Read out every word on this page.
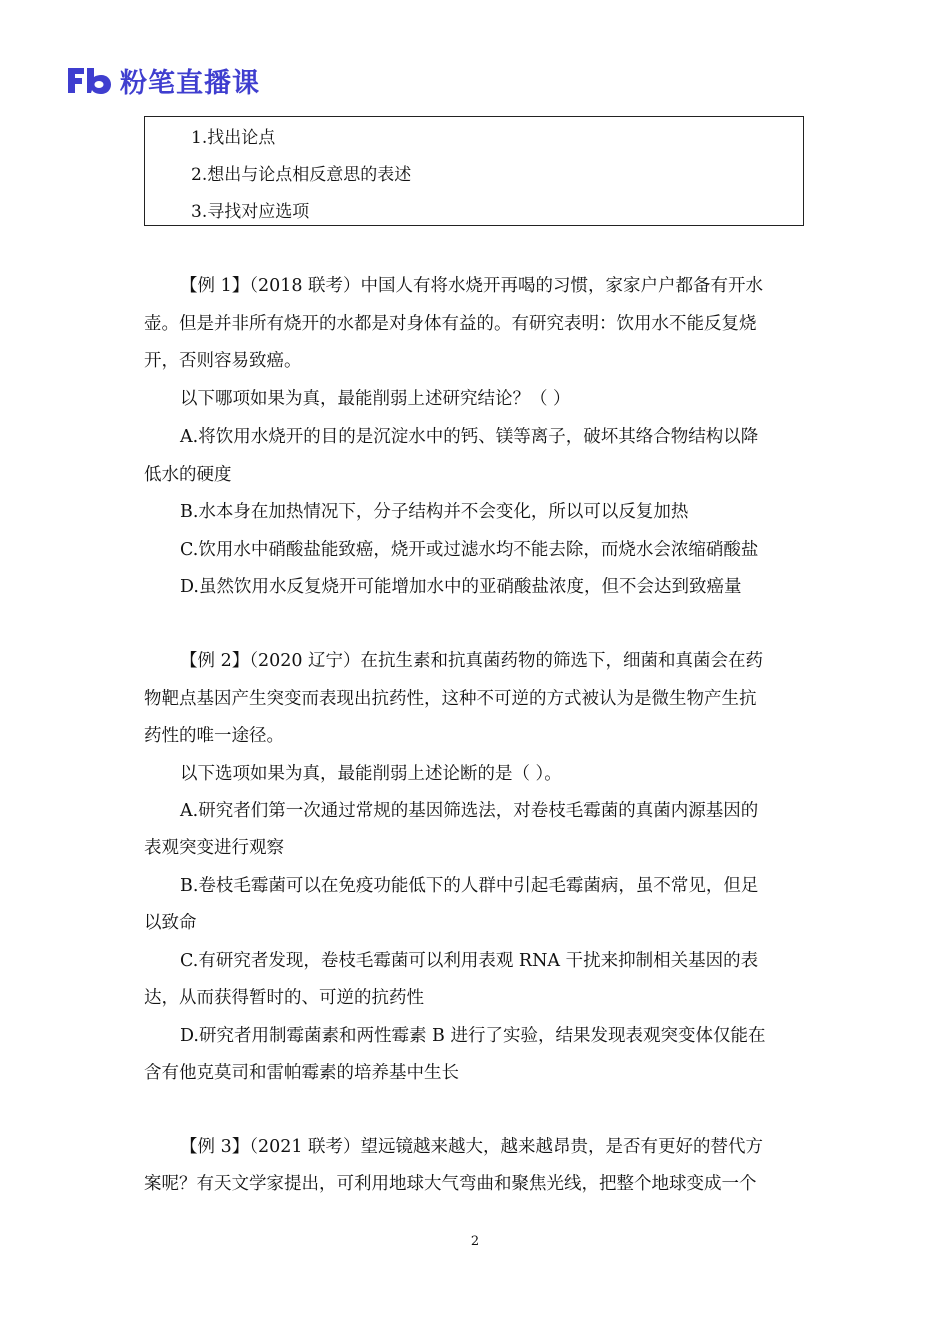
粉笔直播课
1.找出论点
2.想出与论点相反意思的表述
3.寻找对应选项
【例 1】（2018 联考）中国人有将水烧开再喝的习惯，家家户户都备有开水
壶。但是并非所有烧开的水都是对身体有益的。有研究表明：饮用水不能反复烧
开，否则容易致癌。
以下哪项如果为真，最能削弱上述研究结论？（ ）
A.将饮用水烧开的目的是沉淀水中的钙、镁等离子，破坏其络合物结构以降
低水的硬度
B.水本身在加热情况下，分子结构并不会变化，所以可以反复加热
C.饮用水中硝酸盐能致癌，烧开或过滤水均不能去除，而烧水会浓缩硝酸盐
D.虽然饮用水反复烧开可能增加水中的亚硝酸盐浓度，但不会达到致癌量
【例 2】（2020 辽宁）在抗生素和抗真菌药物的筛选下，细菌和真菌会在药
物靶点基因产生突变而表现出抗药性，这种不可逆的方式被认为是微生物产生抗
药性的唯一途径。
以下选项如果为真，最能削弱上述论断的是（ ）。
A.研究者们第一次通过常规的基因筛选法，对卷枝毛霉菌的真菌内源基因的
表观突变进行观察
B.卷枝毛霉菌可以在免疫功能低下的人群中引起毛霉菌病，虽不常见，但足
以致命
C.有研究者发现，卷枝毛霉菌可以利用表观 RNA 干扰来抑制相关基因的表
达，从而获得暂时的、可逆的抗药性
D.研究者用制霉菌素和两性霉素 B 进行了实验，结果发现表观突变体仅能在
含有他克莫司和雷帕霉素的培养基中生长
【例 3】（2021 联考）望远镜越来越大，越来越昂贵，是否有更好的替代方
案呢？有天文学家提出，可利用地球大气弯曲和聚焦光线，把整个地球变成一个
2
